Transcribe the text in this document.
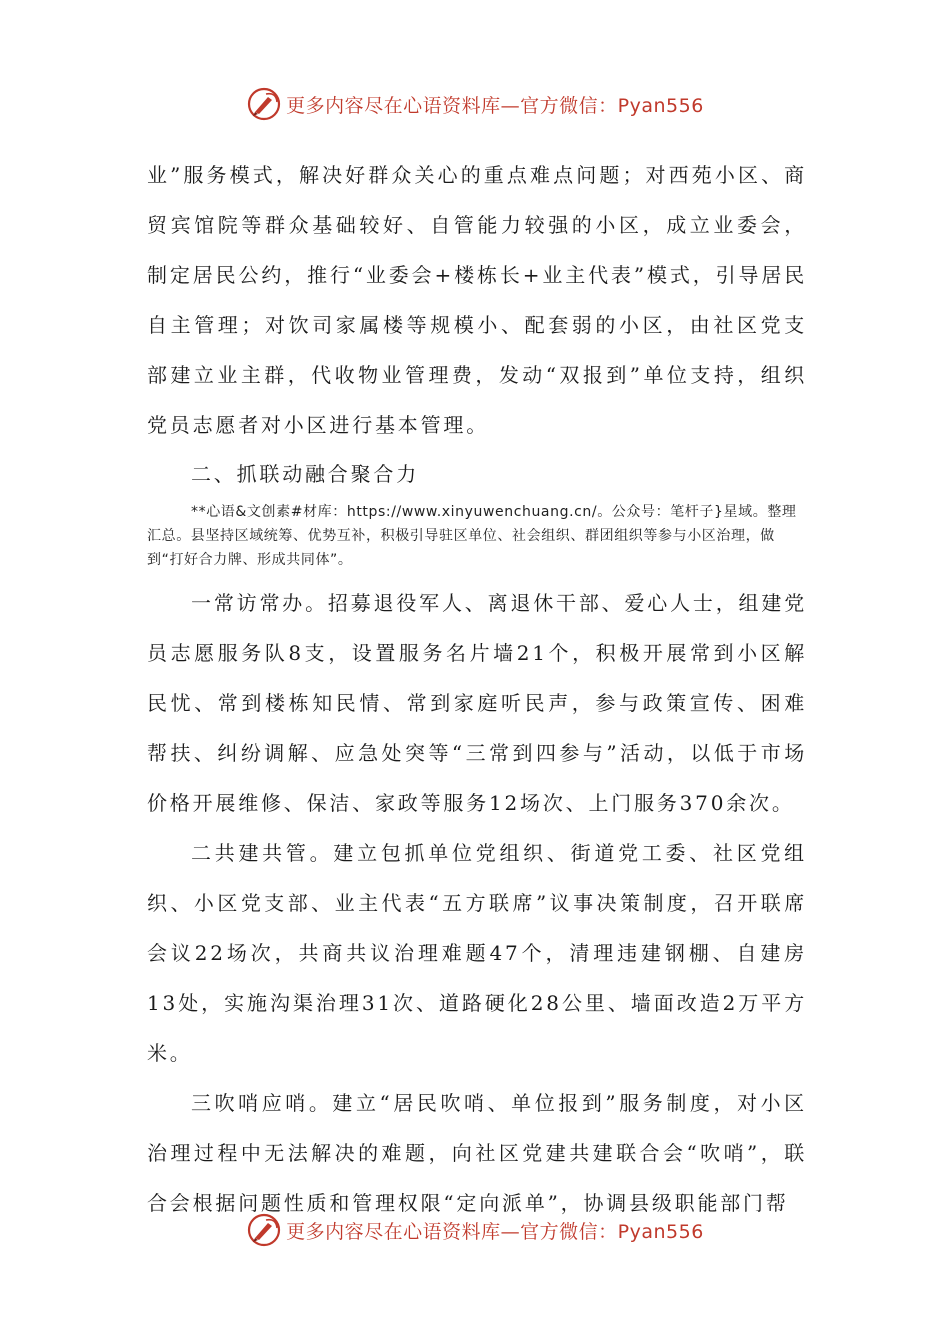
更多内容尽在心语资料库—官方微信：Pyan556

业”服务模式，解决好群众关心的重点难点问题；对西苑小区、商贸宾馆院等群众基础较好、自管能力较强的小区，成立业委会，制定居民公约，推行“业委会+楼栋长+业主代表”模式，引导居民自主管理；对饮司家属楼等规模小、配套弱的小区，由社区党支部建立业主群，代收物业管理费，发动“双报到”单位支持，组织党员志愿者对小区进行基本管理。

二、抓联动融合聚合力

**心语&文创素#材库：https://www.xinyuwenchuang.cn/。公众号：笔杆子}星域。整理汇总。县坚持区域统筹、优势互补，积极引导驻区单位、社会组织、群团组织等参与小区治理，做到“打好合力牌、形成共同体”。

一常访常办。招募退役军人、离退休干部、爱心人士，组建党员志愿服务队8支，设置服务名片墙21个，积极开展常到小区解民忧、常到楼栋知民情、常到家庭听民声，参与政策宣传、困难帮扶、纠纷调解、应急处突等“三常到四参与”活动，以低于市场价格开展维修、保洁、家政等服务12场次、上门服务370余次。

二共建共管。建立包抓单位党组织、街道党工委、社区党组织、小区党支部、业主代表“五方联席”议事决策制度，召开联席会议22场次，共商共议治理难题47个，清理违建钢棚、自建房13处，实施沟渠治理31次、道路硬化28公里、墙面改造2万平方米。

三吹哨应哨。建立“居民吹哨、单位报到”服务制度，对小区治理过程中无法解决的难题，向社区党建共建联合会“吹哨”，联合会根据问题性质和管理权限“定向派单”，协调县级职能部门帮

更多内容尽在心语资料库—官方微信：Pyan556
